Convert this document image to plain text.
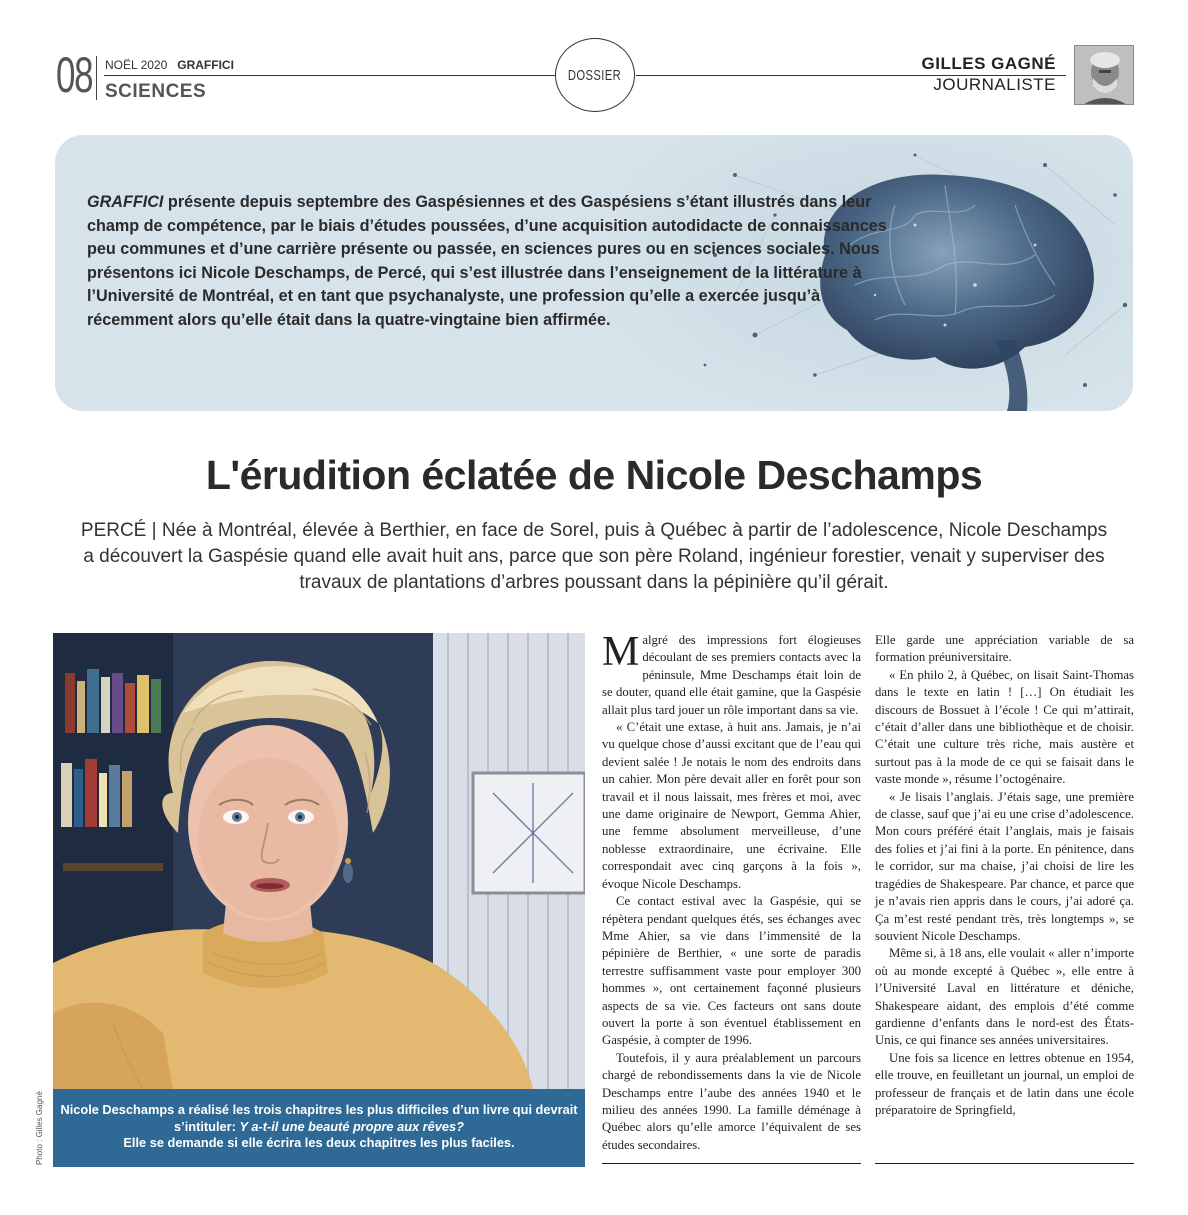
08 NOËL 2020 GRAFFICI
SCIENCES
DOSSIER
GILLES GAGNÉ
JOURNALISTE
GRAFFICI présente depuis septembre des Gaspésiennes et des Gaspésiens s’étant illustrés dans leur champ de compétence, par le biais d’études poussées, d’une acquisition autodidacte de connaissances peu communes et d’une carrière présente ou passée, en sciences pures ou en sciences sociales. Nous présentons ici Nicole Deschamps, de Percé, qui s’est illustrée dans l’enseignement de la littérature à l’Université de Montréal, et en tant que psychanalyste, une profession qu’elle a exercée jusqu’à récemment alors qu’elle était dans la quatre-vingtaine bien affirmée.
L'érudition éclatée de Nicole Deschamps

PERCÉ | Née à Montréal, élevée à Berthier, en face de Sorel, puis à Québec à partir de l’adolescence, Nicole Deschamps a découvert la Gaspésie quand elle avait huit ans, parce que son père Roland, ingénieur forestier, venait y superviser des travaux de plantations d’arbres poussant dans la pépinière qu’il gérait.

Nicole Deschamps a réalisé les trois chapitres les plus difficiles d’un livre qui devrait s’intituler: Y a-t-il une beauté propre aux rêves?
Elle se demande si elle écrira les deux chapitres les plus faciles.
Photo : Gilles Gagné

Malgré des impressions fort élogieuses découlant de ses premiers contacts avec la péninsule, Mme Deschamps était loin de se douter, quand elle était gamine, que la Gaspésie allait plus tard jouer un rôle important dans sa vie.

« C’était une extase, à huit ans. Jamais, je n’ai vu quelque chose d’aussi excitant que de l’eau qui devient salée ! Je notais le nom des endroits dans un cahier. Mon père devait aller en forêt pour son travail et il nous laissait, mes frères et moi, avec une dame originaire de Newport, Gemma Ahier, une femme absolument merveilleuse, d’une noblesse extraordinaire, une écrivaine. Elle correspondait avec cinq garçons à la fois », évoque Nicole Deschamps.

Ce contact estival avec la Gaspésie, qui se répètera pendant quelques étés, ses échanges avec Mme Ahier, sa vie dans l’immensité de la pépinière de Berthier, « une sorte de paradis terrestre suffisamment vaste pour employer 300 hommes », ont certainement façonné plusieurs aspects de sa vie. Ces facteurs ont sans doute ouvert la porte à son éventuel établissement en Gaspésie, à compter de 1996.

Toutefois, il y aura préalablement un parcours chargé de rebondissements dans la vie de Nicole Deschamps entre l’aube des années 1940 et le milieu des années 1990. La famille déménage à Québec alors qu’elle amorce l’équivalent de ses études secondaires.

Elle garde une appréciation variable de sa formation préuniversitaire.

« En philo 2, à Québec, on lisait Saint-Thomas dans le texte en latin ! […] On étudiait les discours de Bossuet à l’école ! Ce qui m’attirait, c’était d’aller dans une bibliothèque et de choisir. C’était une culture très riche, mais austère et surtout pas à la mode de ce qui se faisait dans le vaste monde », résume l’octogénaire.

« Je lisais l’anglais. J’étais sage, une première de classe, sauf que j’ai eu une crise d’adolescence. Mon cours préféré était l’anglais, mais je faisais des folies et j’ai fini à la porte. En pénitence, dans le corridor, sur ma chaise, j’ai choisi de lire les tragédies de Shakespeare. Par chance, et parce que je n’avais rien appris dans le cours, j’ai adoré ça. Ça m’est resté pendant très, très longtemps », se souvient Nicole Deschamps.

Même si, à 18 ans, elle voulait « aller n’importe où au monde excepté à Québec », elle entre à l’Université Laval en littérature et déniche, Shakespeare aidant, des emplois d’été comme gardienne d’enfants dans le nord-est des États-Unis, ce qui finance ses années universitaires.

Une fois sa licence en lettres obtenue en 1954, elle trouve, en feuilletant un journal, un emploi de professeur de français et de latin dans une école préparatoire de Springfield,
